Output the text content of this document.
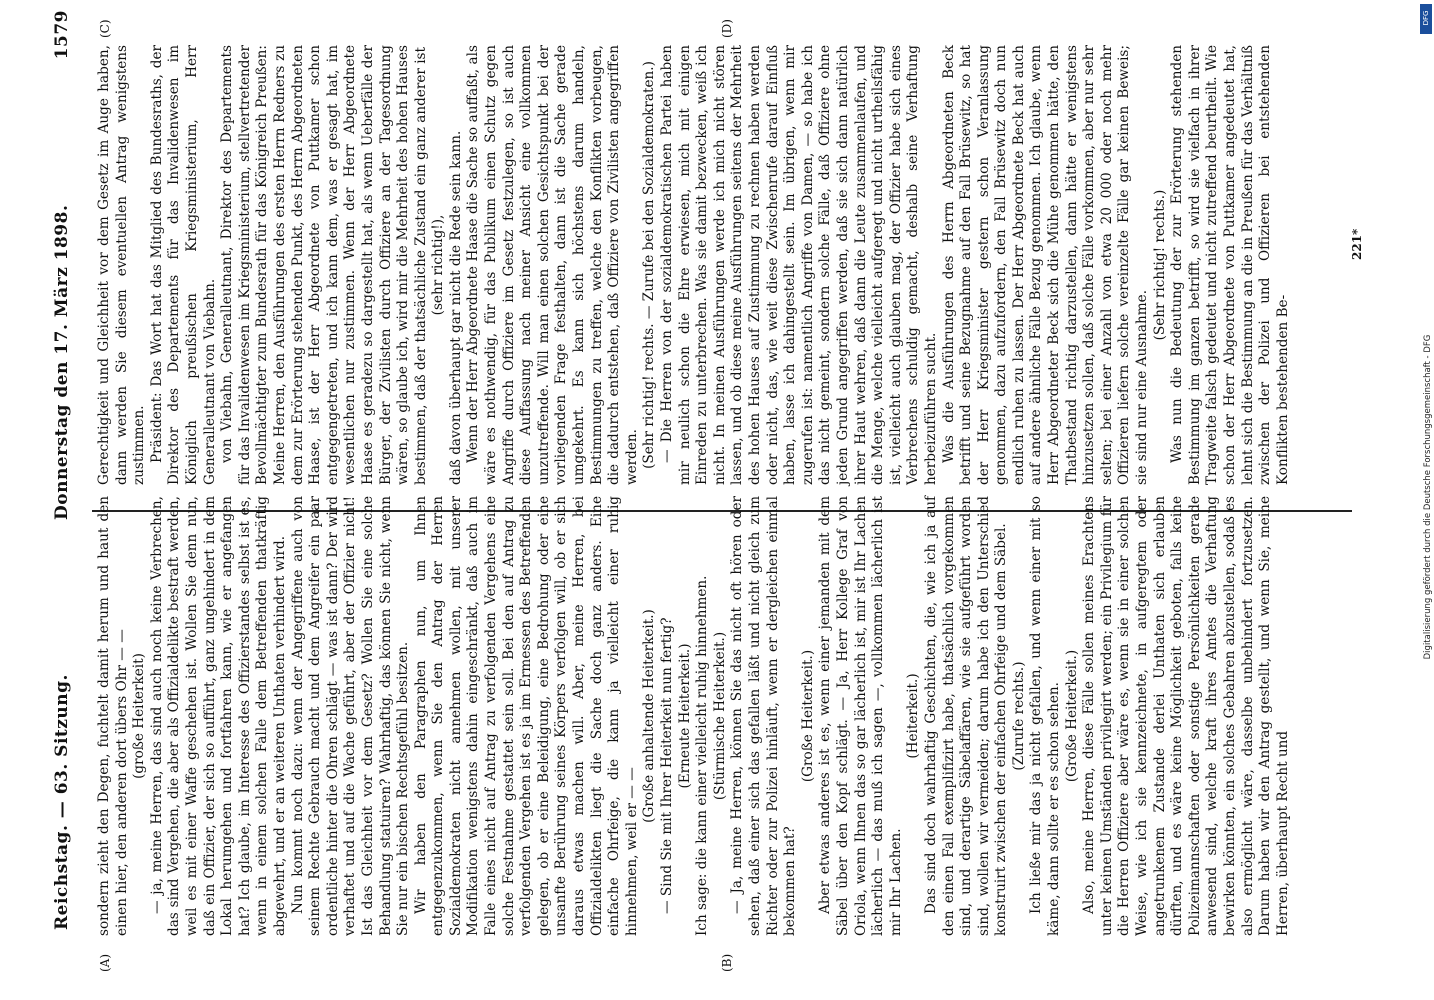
Reichstag. — 63. Sitzung.
Donnerstag den 17. März 1898.
1579
(A)	(B)
(C)	(D)

sondern zieht den Degen, fuchtelt damit herum und haut den einen hier, den anderen dort übers Ohr — — (große Heiterkeit) — ja, meine Herren, das sind auch noch keine Verbrechen, das sind Vergehen, die aber als Offizialdelikte bestraft werden, weil es mit einer Waffe geschehen ist. Wollen Sie denn nun, daß ein Offizier, der sich so aufführt, ganz ungehindert in dem Lokal herumgehen und fortfahren kann, wie er angefangen hat? Ich glaube, im Interesse des Offizierstandes selbst ist es, wenn in einem solchen Falle dem Betreffenden thatkräftig abgewehrt, und er an weiteren Unthaten verhindert wird. Nun kommt noch dazu: wenn der Angegriffene auch von seinem Rechte Gebrauch macht und dem Angreifer ein paar ordentliche hinter die Ohren schlägt — was ist dann? Der wird verhaftet und auf die Wache geführt, aber der Offizier nicht! Ist das Gleichheit vor dem Gesetz? Wollen Sie eine solche Behandlung statuiren? Wahrhaftig, das können Sie nicht, wenn Sie nur ein bischen Rechtsgefühl besitzen. Wir haben den Paragraphen nun, um Ihnen entgegenzukommen, wenn Sie den Antrag der Herren Sozialdemokraten nicht annehmen wollen, mit unserer Modifikation wenigstens dahin eingeschränkt, daß auch im Falle eines nicht auf Antrag zu verfolgenden Vergehens eine solche Festnahme gestattet sein soll. Bei den auf Antrag zu verfolgenden Vergehen ist es ja im Ermessen des Betreffenden gelegen, ob er eine Beleidigung, eine Bedrohung oder eine unsanfte Berührung seines Körpers verfolgen will, ob er sich daraus etwas machen will. Aber, meine Herren, bei Offizialdelikten liegt die Sache doch ganz anders. Eine einfache Ohrfeige, die kann ja vielleicht einer ruhig hinnehmen, weil er — —

(Große anhaltende Heiterkeit.) — Sind Sie mit Ihrer Heiterkeit nun fertig? (Erneute Heiterkeit.) Ich sage: die kann einer vielleicht ruhig hinnehmen. (Stürmische Heiterkeit.) — Ja, meine Herren, können Sie das nicht oft hören oder sehen, daß einer sich das gefallen läßt und nicht gleich zum Richter oder zur Polizei hinläuft, wenn er dergleichen einmal bekommen hat?

(Große Heiterkeit.) Aber etwas anderes ist es, wenn einer jemanden mit dem Säbel über den Kopf schlägt. — Ja, Herr Kollege Graf von Oriola, wenn Ihnen das so gar lächerlich ist, mir ist Ihr Lachen lächerlich — das muß ich sagen —, vollkommen lächerlich ist mir Ihr Lachen.

(Heiterkeit.) Das sind doch wahrhaftig Geschichten, die, wie ich ja auf den einen Fall exemplifizirt habe, thatsächlich vorgekommen sind, und derartige Säbelaffären, wie sie aufgeführt worden sind, wollen wir vermeiden; darum habe ich den Unterschied konstruirt zwischen der einfachen Ohrfeige und dem Säbel. (Zurufe rechts.) Ich ließe mir das ja nicht gefallen, und wenn einer mit so käme, dann sollte er es schon sehen. (Große Heiterkeit.) Also, meine Herren, diese Fälle sollen meines Erachtens unter keinen Umständen privilegirt werden; ein Privilegium für die Herren Offiziere aber wäre es, wenn sie in einer solchen Weise, wie ich sie kennzeichnete, in aufgeregtem oder angetrunkenem Zustande derlei Unthaten sich erlauben dürften, und es wäre keine Möglichkeit geboten, falls keine Polizeimannschaften oder sonstige Persönlichkeiten gerade anwesend sind, welche kraft ihres Amtes die Verhaftung bewirken könnten, ein solches Gebahren abzustellen, sodaß es also ermöglicht wäre, dasselbe unbehindert fortzusetzen. Darum haben wir den Antrag gestellt, und wenn Sie, meine Herren, überhaupt Recht und

Gerechtigkeit und Gleichheit vor dem Gesetz im Auge haben, dann werden Sie diesem eventuellen Antrag wenigstens zustimmen. Präsident: Das Wort hat das Mitglied des Bundesraths, der Direktor des Departements für das Invalidenwesen im Königlich preußischen Kriegsministerium, Herr Generalleutnant von Viebahn. von Viebahn, Generalleutnant, Direktor des Departements für das Invalidenwesen im Kriegsministerium, stellvertretender Bevollmächtigter zum Bundesrath für das Königreich Preußen: Meine Herren, den Ausführungen des ersten Herrn Redners zu dem zur Erörterung stehenden Punkt, des Herrn Abgeordneten Haase, ist der Herr Abgeordnete von Puttkamer schon entgegengetreten, und ich kann dem, was er gesagt hat, im wesentlichen nur zustimmen. Wenn der Herr Abgeordnete Haase es geradezu so dargestellt hat, als wenn Ueberfälle der Bürger, der Zivilisten durch Offiziere an der Tagesordnung wären, so glaube ich, wird mir die Mehrheit des hohen Hauses bestimmen, daß der thatsächliche Zustand ein ganz anderer ist (sehr richtig!), daß davon überhaupt gar nicht die Rede sein kann. Wenn der Herr Abgeordnete Haase die Sache so auffaßt, als wäre es nothwendig, für das Publikum einen Schutz gegen Angriffe durch Offiziere im Gesetz festzulegen, so ist auch diese Auffassung nach meiner Ansicht eine vollkommen unzutreffende. Will man einen solchen Gesichtspunkt bei der vorliegenden Frage festhalten, dann ist die Sache gerade umgekehrt. Es kann sich höchstens darum handeln, Bestimmungen zu treffen, welche den Konflikten vorbeugen, die dadurch entstehen, daß Offiziere von Zivilisten angegriffen werden. (Sehr richtig! rechts. — Zurufe bei den Sozialdemokraten.) — Die Herren von der sozialdemokratischen Partei haben mir neulich schon die Ehre erwiesen, mich mit einigen Einreden zu unterbrechen. Was sie damit bezwecken, weiß ich nicht. In meinen Ausführungen werde ich mich nicht stören lassen, und ob diese meine Ausführungen seitens der Mehrheit des hohen Hauses auf Zustimmung zu rechnen haben werden oder nicht, das, wie weit diese Zwischenrufe darauf Einfluß haben, lasse ich dahingestellt sein. Im übrigen, wenn mir zugerufen ist: namentlich Angriffe von Damen, — so habe ich das nicht gemeint, sondern solche Fälle, daß Offiziere ohne jeden Grund angegriffen werden, daß sie sich dann natürlich ihrer Haut wehren, daß dann die Leute zusammenlaufen, und die Menge, welche vielleicht aufgeregt und nicht urtheilsfähig ist, vielleicht auch glauben mag, der Offizier habe sich eines Verbrechens schuldig gemacht, deshalb seine Verhaftung herbeizuführen sucht. Was die Ausführungen des Herrn Abgeordneten Beck betrifft und seine Bezugnahme auf den Fall Brüsewitz, so hat der Herr Kriegsminister gestern schon Veranlassung genommen, dazu aufzufordern, den Fall Brüsewitz doch nun endlich ruhen zu lassen. Der Herr Abgeordnete Beck hat auch auf andere ähnliche Fälle Bezug genommen. Ich glaube, wenn Herr Abgeordneter Beck sich die Mühe genommen hätte, den Thatbestand richtig darzustellen, dann hätte er wenigstens hinzusetzen sollen, daß solche Fälle vorkommen, aber nur sehr selten; bei einer Anzahl von etwa 20 000 oder noch mehr Offizieren liefern solche vereinzelte Fälle gar keinen Beweis; sie sind nur eine Ausnahme.

(Sehr richtig! rechts.) Was nun die Bedeutung der zur Erörterung stehenden Bestimmung im ganzen betrifft, so wird sie vielfach in ihrer Tragweite falsch gedeutet und nicht zutreffend beurtheilt. Wie schon der Herr Abgeordnete von Puttkamer angedeutet hat, lehnt sich die Bestimmung an die in Preußen für das Verhältniß zwischen der Polizei und Offizieren bei entstehenden Konflikten bestehenden Be-

221*
DFG
Digitalisierung gefördert durch die Deutsche Forschungsgemeinschaft - DFG
